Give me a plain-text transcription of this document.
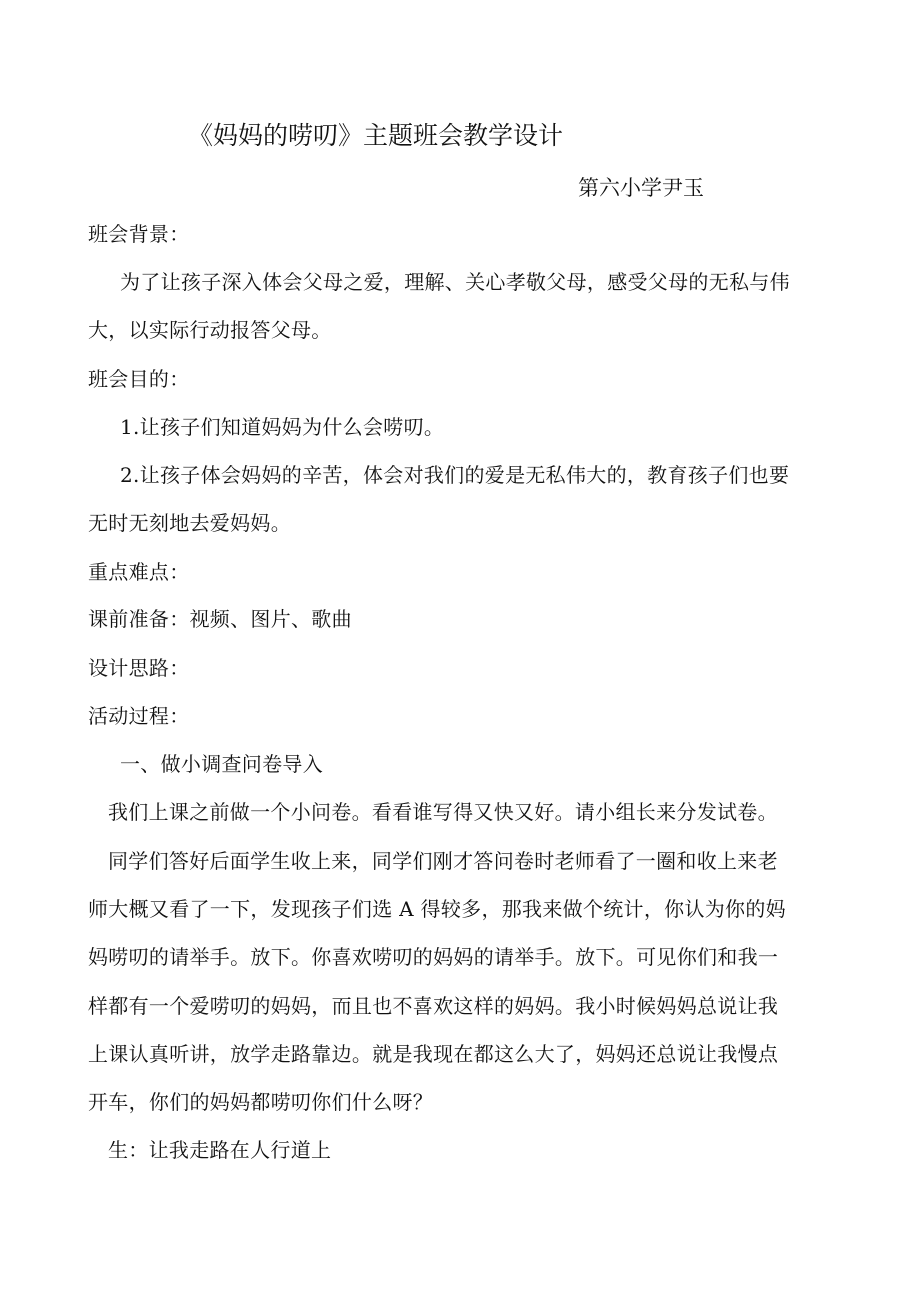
《妈妈的唠叨》主题班会教学设计
第六小学尹玉
班会背景：
为了让孩子深入体会父母之爱，理解、关心孝敬父母，感受父母的无私与伟
大，以实际行动报答父母。
班会目的：
1.让孩子们知道妈妈为什么会唠叨。
2.让孩子体会妈妈的辛苦，体会对我们的爱是无私伟大的，教育孩子们也要
无时无刻地去爱妈妈。
重点难点：
课前准备：视频、图片、歌曲
设计思路：
活动过程：
一、做小调查问卷导入
我们上课之前做一个小问卷。看看谁写得又快又好。请小组长来分发试卷。
同学们答好后面学生收上来，同学们刚才答问卷时老师看了一圈和收上来老
师大概又看了一下，发现孩子们选 A 得较多，那我来做个统计，你认为你的妈
妈唠叨的请举手。放下。你喜欢唠叨的妈妈的请举手。放下。可见你们和我一
样都有一个爱唠叨的妈妈，而且也不喜欢这样的妈妈。我小时候妈妈总说让我
上课认真听讲，放学走路靠边。就是我现在都这么大了，妈妈还总说让我慢点
开车，你们的妈妈都唠叨你们什么呀？
生：让我走路在人行道上
